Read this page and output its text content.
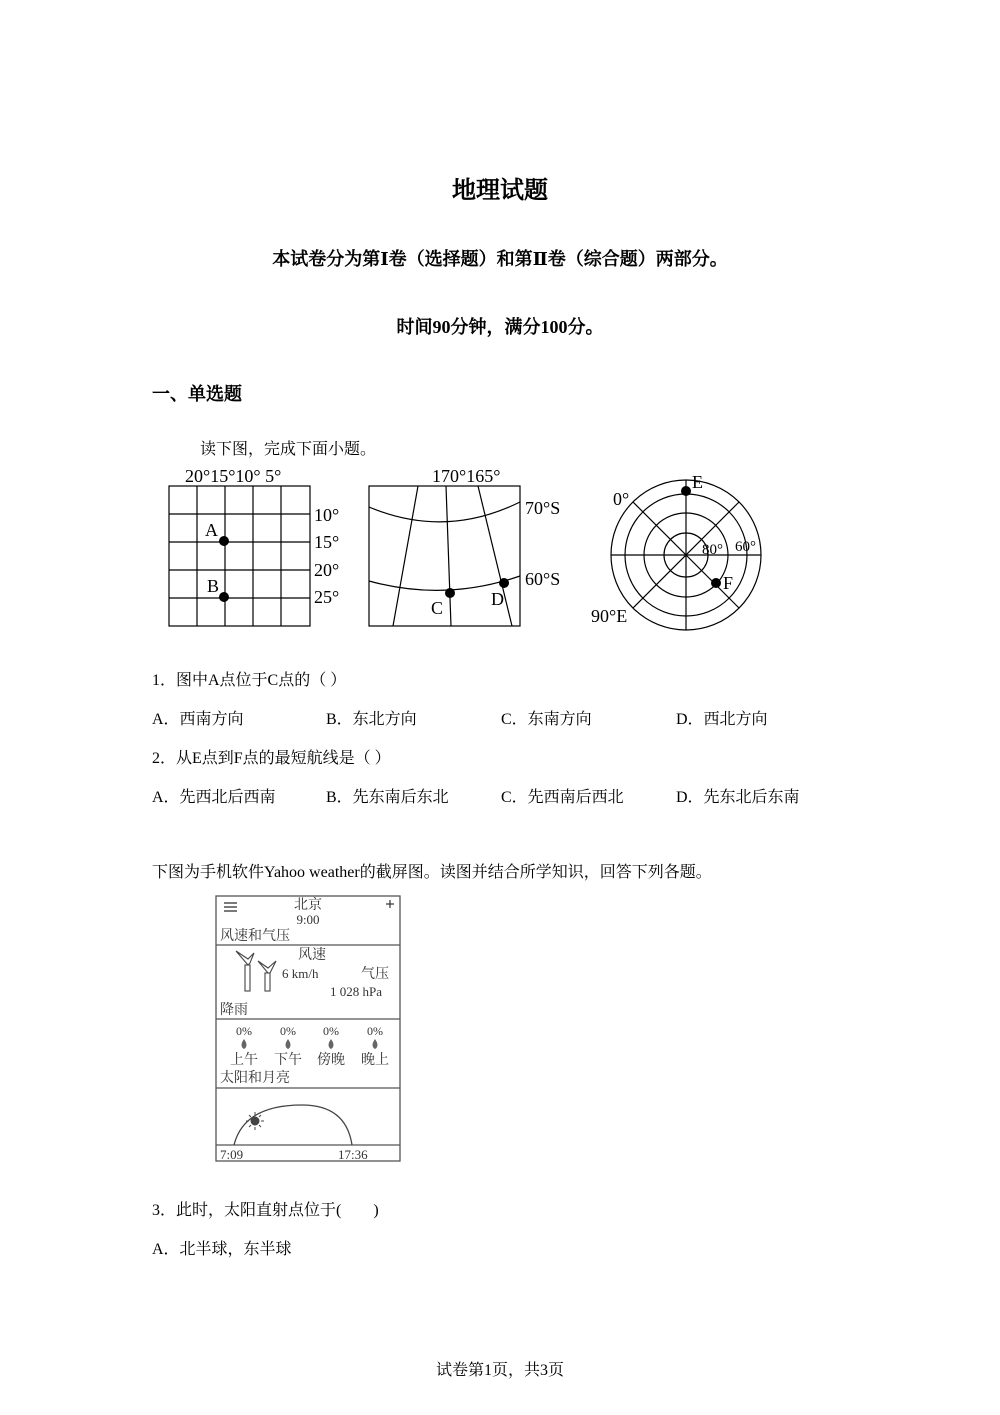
地理试题
本试卷分为第Ⅰ卷（选择题）和第Ⅱ卷（综合题）两部分。
时间90分钟，满分100分。
一、单选题
读下图，完成下面小题。
20°15°10° 5°
10°
15°
20°
25°
A
B
170°165°
70°S
60°S
C	D
0°
90°E
80° 60°
E
F
1．图中A点位于C点的（ ）
A．西南方向	B．东北方向	C．东南方向	D．西北方向
2．从E点到F点的最短航线是（ ）
A．先西北后西南	B．先东南后东北	C．先西南后西北	D．先东北后东南
下图为手机软件Yahoo weather的截屏图。读图并结合所学知识，回答下列各题。
北京
9:00
风速和气压
风速
6 km/h	气压
1 028 hPa
降雨
0% 0% 0% 0%
上午 下午 傍晚 晚上
太阳和月亮
7:09	17:36
3．此时，太阳直射点位于(　　)
A．北半球，东半球
试卷第1页，共3页
